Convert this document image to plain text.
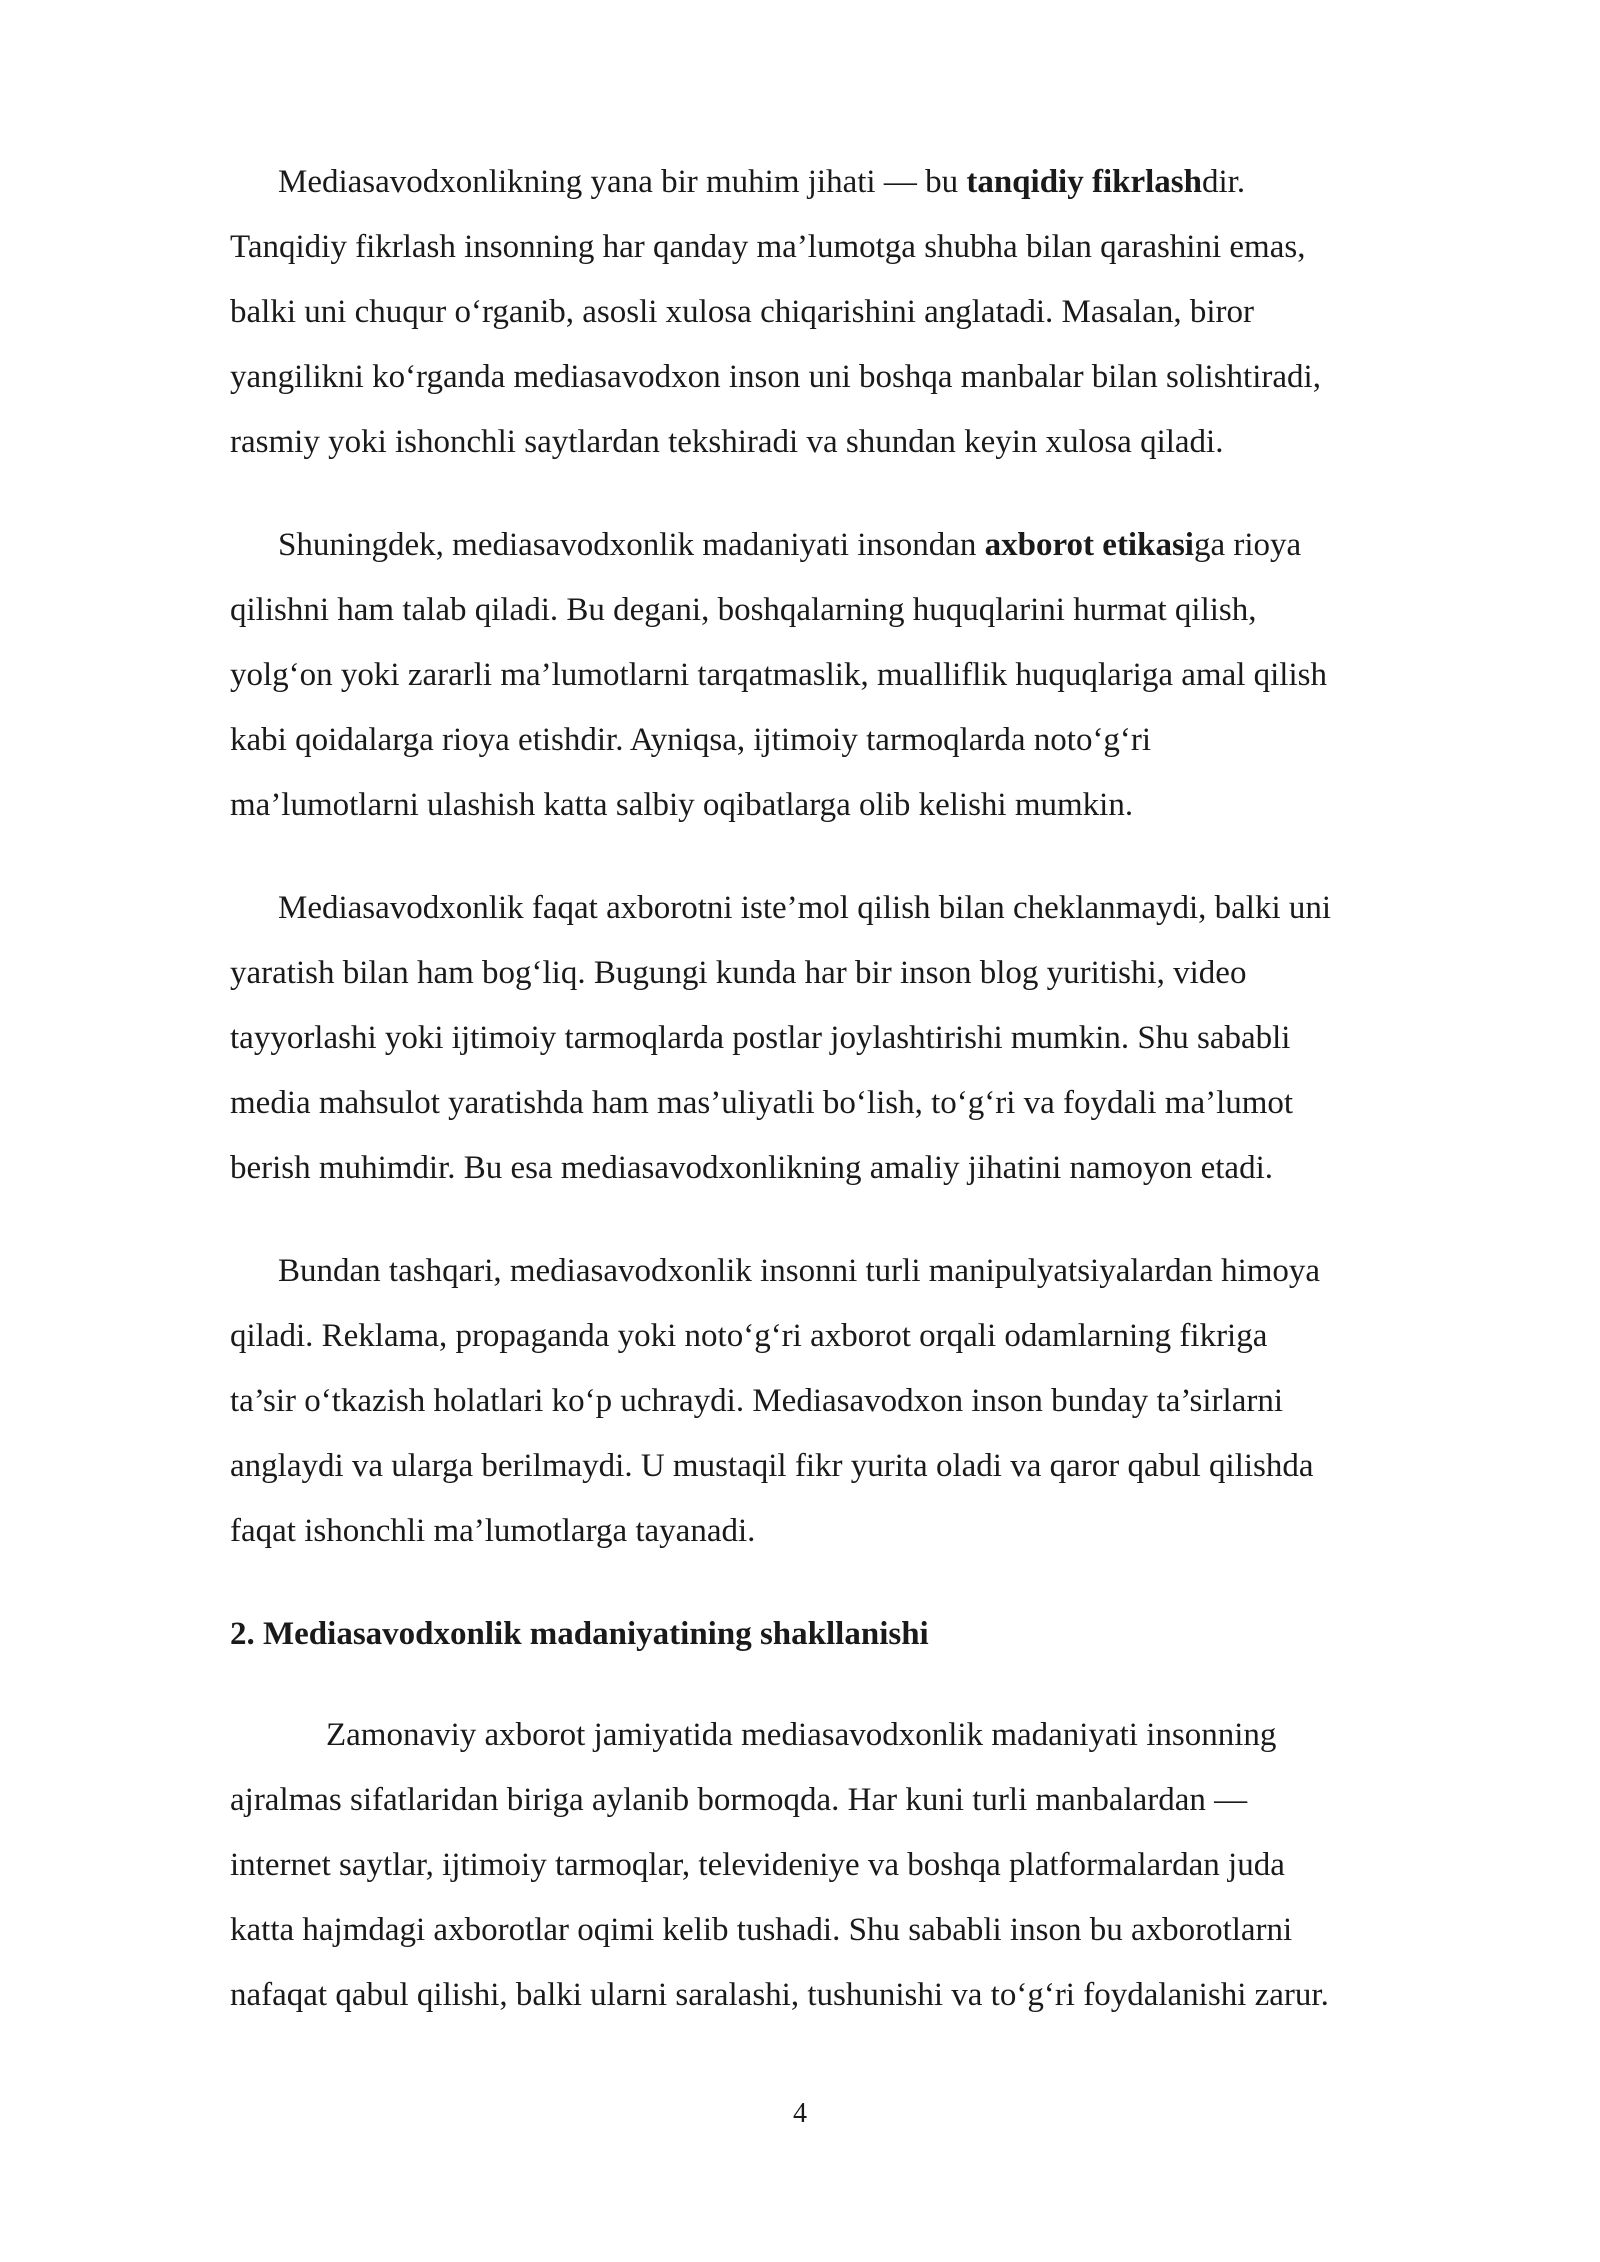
Mediasavodxonlikning yana bir muhim jihati — bu tanqidiy fikrlashdir.
Tanqidiy fikrlash insonning har qanday ma’lumotga shubha bilan qarashini emas,
balki uni chuqur o‘rganib, asosli xulosa chiqarishini anglatadi. Masalan, biror
yangilikni ko‘rganda mediasavodxon inson uni boshqa manbalar bilan solishtiradi,
rasmiy yoki ishonchli saytlardan tekshiradi va shundan keyin xulosa qiladi.

Shuningdek, mediasavodxonlik madaniyati insondan axborot etikasiga rioya
qilishni ham talab qiladi. Bu degani, boshqalarning huquqlarini hurmat qilish,
yolg‘on yoki zararli ma’lumotlarni tarqatmaslik, mualliflik huquqlariga amal qilish
kabi qoidalarga rioya etishdir. Ayniqsa, ijtimoiy tarmoqlarda noto‘g‘ri
ma’lumotlarni ulashish katta salbiy oqibatlarga olib kelishi mumkin.

Mediasavodxonlik faqat axborotni iste’mol qilish bilan cheklanmaydi, balki uni
yaratish bilan ham bog‘liq. Bugungi kunda har bir inson blog yuritishi, video
tayyorlashi yoki ijtimoiy tarmoqlarda postlar joylashtirishi mumkin. Shu sababli
media mahsulot yaratishda ham mas’uliyatli bo‘lish, to‘g‘ri va foydali ma’lumot
berish muhimdir. Bu esa mediasavodxonlikning amaliy jihatini namoyon etadi.

Bundan tashqari, mediasavodxonlik insonni turli manipulyatsiyalardan himoya
qiladi. Reklama, propaganda yoki noto‘g‘ri axborot orqali odamlarning fikriga
ta’sir o‘tkazish holatlari ko‘p uchraydi. Mediasavodxon inson bunday ta’sirlarni
anglaydi va ularga berilmaydi. U mustaqil fikr yurita oladi va qaror qabul qilishda
faqat ishonchli ma’lumotlarga tayanadi.

2. Mediasavodxonlik madaniyatining shakllanishi

Zamonaviy axborot jamiyatida mediasavodxonlik madaniyati insonning
ajralmas sifatlaridan biriga aylanib bormoqda. Har kuni turli manbalardan —
internet saytlar, ijtimoiy tarmoqlar, televideniye va boshqa platformalardan juda
katta hajmdagi axborotlar oqimi kelib tushadi. Shu sababli inson bu axborotlarni
nafaqat qabul qilishi, balki ularni saralashi, tushunishi va to‘g‘ri foydalanishi zarur.

4
